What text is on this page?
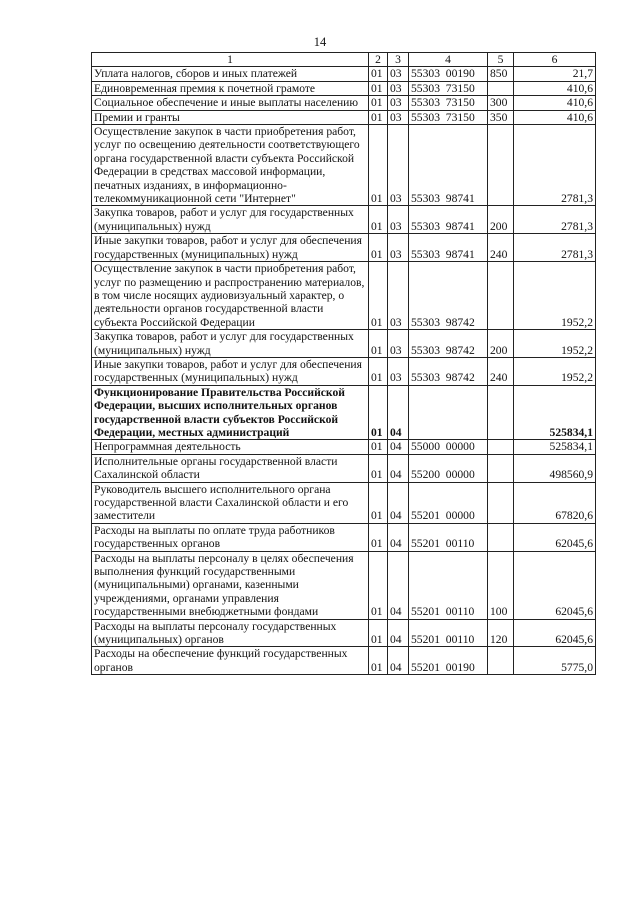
14
1	2	3	4	5	6
Уплата налогов, сборов и иных платежей	01	03	55303  00190	850	21,7
Единовременная премия к почетной грамоте	01	03	55303  73150		410,6
Социальное обеспечение и иные выплаты населению	01	03	55303  73150	300	410,6
Премии и гранты	01	03	55303  73150	350	410,6
Осуществление закупок в части приобретения работ, услуг по освещению деятельности соответствующего органа государственной власти субъекта Российской Федерации в средствах массовой информации, печатных изданиях, в информационно-телекоммуникационной сети "Интернет"	01	03	55303  98741		2781,3
Закупка товаров, работ и услуг для государственных (муниципальных) нужд	01	03	55303  98741	200	2781,3
Иные закупки товаров, работ и услуг для обеспечения государственных (муниципальных) нужд	01	03	55303  98741	240	2781,3
Осуществление закупок в части приобретения работ, услуг по размещению и распространению материалов, в том числе носящих аудиовизуальный характер, о деятельности органов государственной власти субъекта Российской Федерации	01	03	55303  98742		1952,2
Закупка товаров, работ и услуг для государственных (муниципальных) нужд	01	03	55303  98742	200	1952,2
Иные закупки товаров, работ и услуг для обеспечения государственных (муниципальных) нужд	01	03	55303  98742	240	1952,2
Функционирование Правительства Российской Федерации, высших исполнительных органов государственной власти субъектов Российской Федерации, местных администраций	01	04			525834,1
Непрограммная деятельность	01	04	55000  00000		525834,1
Исполнительные органы государственной власти Сахалинской области	01	04	55200  00000		498560,9
Руководитель высшего исполнительного органа государственной власти Сахалинской области и его заместители	01	04	55201  00000		67820,6
Расходы на выплаты по оплате труда работников государственных органов	01	04	55201  00110		62045,6
Расходы на выплаты персоналу в целях обеспечения выполнения функций государственными (муниципальными) органами, казенными учреждениями, органами управления государственными внебюджетными фондами	01	04	55201  00110	100	62045,6
Расходы на выплаты персоналу государственных (муниципальных) органов	01	04	55201  00110	120	62045,6
Расходы на обеспечение функций государственных органов	01	04	55201  00190		5775,0
